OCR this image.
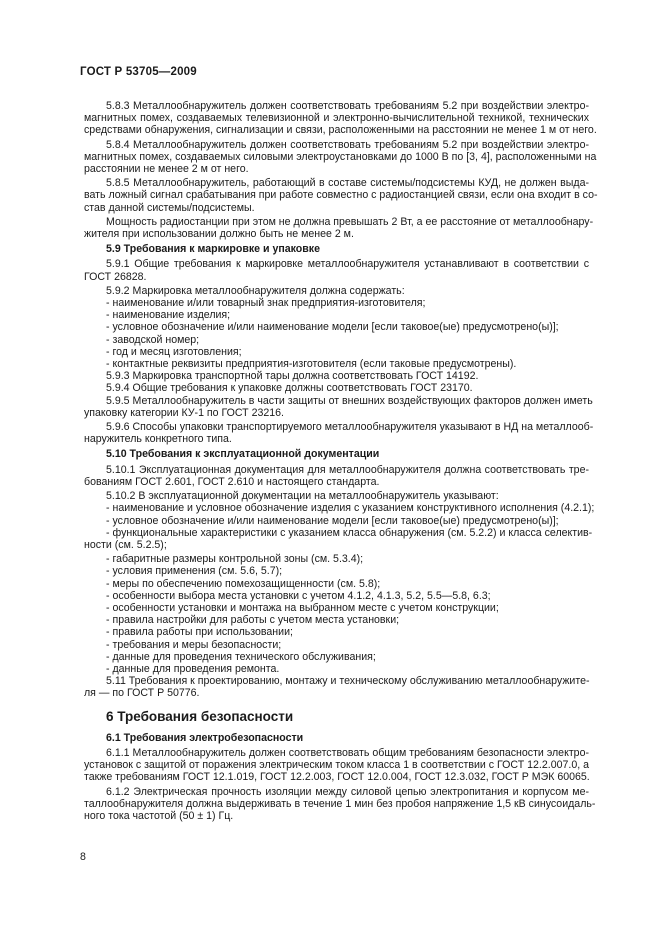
ГОСТ Р 53705—2009
5.8.3 Металлообнаружитель должен соответствовать требованиям 5.2 при воздействии электро-
магнитных помех, создаваемых телевизионной и электронно-вычислительной техникой, технических
средствами обнаружения, сигнализации и связи, расположенными на расстоянии не менее 1 м от него.
5.8.4 Металлообнаружитель должен соответствовать требованиям 5.2 при воздействии электро-
магнитных помех, создаваемых силовыми электроустановками до 1000 В по [3, 4], расположенными на
расстоянии не менее 2 м от него.
5.8.5 Металлообнаружитель, работающий в составе системы/подсистемы КУД, не должен выда-
вать ложный сигнал срабатывания при работе совместно с радиостанцией связи, если она входит в со-
став данной системы/подсистемы.
Мощность радиостанции при этом не должна превышать 2 Вт, а ее расстояние от металлообнару-
жителя при использовании должно быть не менее 2 м.
5.9 Требования к маркировке и упаковке
5.9.1 Общие требования к маркировке металлообнаружителя устанавливают в соответствии с
ГОСТ 26828.
5.9.2 Маркировка металлообнаружителя должна содержать:
- наименование и/или товарный знак предприятия-изготовителя;
- наименование изделия;
- условное обозначение и/или наименование модели [если таковое(ые) предусмотрено(ы)];
- заводской номер;
- год и месяц изготовления;
- контактные реквизиты предприятия-изготовителя (если таковые предусмотрены).
5.9.3 Маркировка транспортной тары должна соответствовать ГОСТ 14192.
5.9.4 Общие требования к упаковке должны соответствовать ГОСТ 23170.
5.9.5 Металлообнаружитель в части защиты от внешних воздействующих факторов должен иметь
упаковку категории КУ-1 по ГОСТ 23216.
5.9.6 Способы упаковки транспортируемого металлообнаружителя указывают в НД на металлооб-
наружитель конкретного типа.
5.10 Требования к эксплуатационной документации
5.10.1 Эксплуатационная документация для металлообнаружителя должна соответствовать тре-
бованиям ГОСТ 2.601, ГОСТ 2.610 и настоящего стандарта.
5.10.2 В эксплуатационной документации на металлообнаружитель указывают:
- наименование и условное обозначение изделия с указанием конструктивного исполнения (4.2.1);
- условное обозначение и/или наименование модели [если таковое(ые) предусмотрено(ы)];
- функциональные характеристики с указанием класса обнаружения (см. 5.2.2) и класса селектив-
ности (см. 5.2.5);
- габаритные размеры контрольной зоны (см. 5.3.4);
- условия применения (см. 5.6, 5.7);
- меры по обеспечению помехозащищенности (см. 5.8);
- особенности выбора места установки с учетом 4.1.2, 4.1.3, 5.2, 5.5—5.8, 6.3;
- особенности установки и монтажа на выбранном месте с учетом конструкции;
- правила настройки для работы с учетом места установки;
- правила работы при использовании;
- требования и меры безопасности;
- данные для проведения технического обслуживания;
- данные для проведения ремонта.
5.11 Требования к проектированию, монтажу и техническому обслуживанию металлообнаружите-
ля — по ГОСТ Р 50776.
6 Требования безопасности
6.1 Требования электробезопасности
6.1.1 Металлообнаружитель должен соответствовать общим требованиям безопасности электро-
установок с защитой от поражения электрическим током класса 1 в соответствии с ГОСТ 12.2.007.0, а
также требованиям ГОСТ 12.1.019, ГОСТ 12.2.003, ГОСТ 12.0.004, ГОСТ 12.3.032, ГОСТ Р МЭК 60065.
6.1.2 Электрическая прочность изоляции между силовой цепью электропитания и корпусом ме-
таллообнаружителя должна выдерживать в течение 1 мин без пробоя напряжение 1,5 кВ синусоидаль-
ного тока частотой (50 ± 1) Гц.
8
